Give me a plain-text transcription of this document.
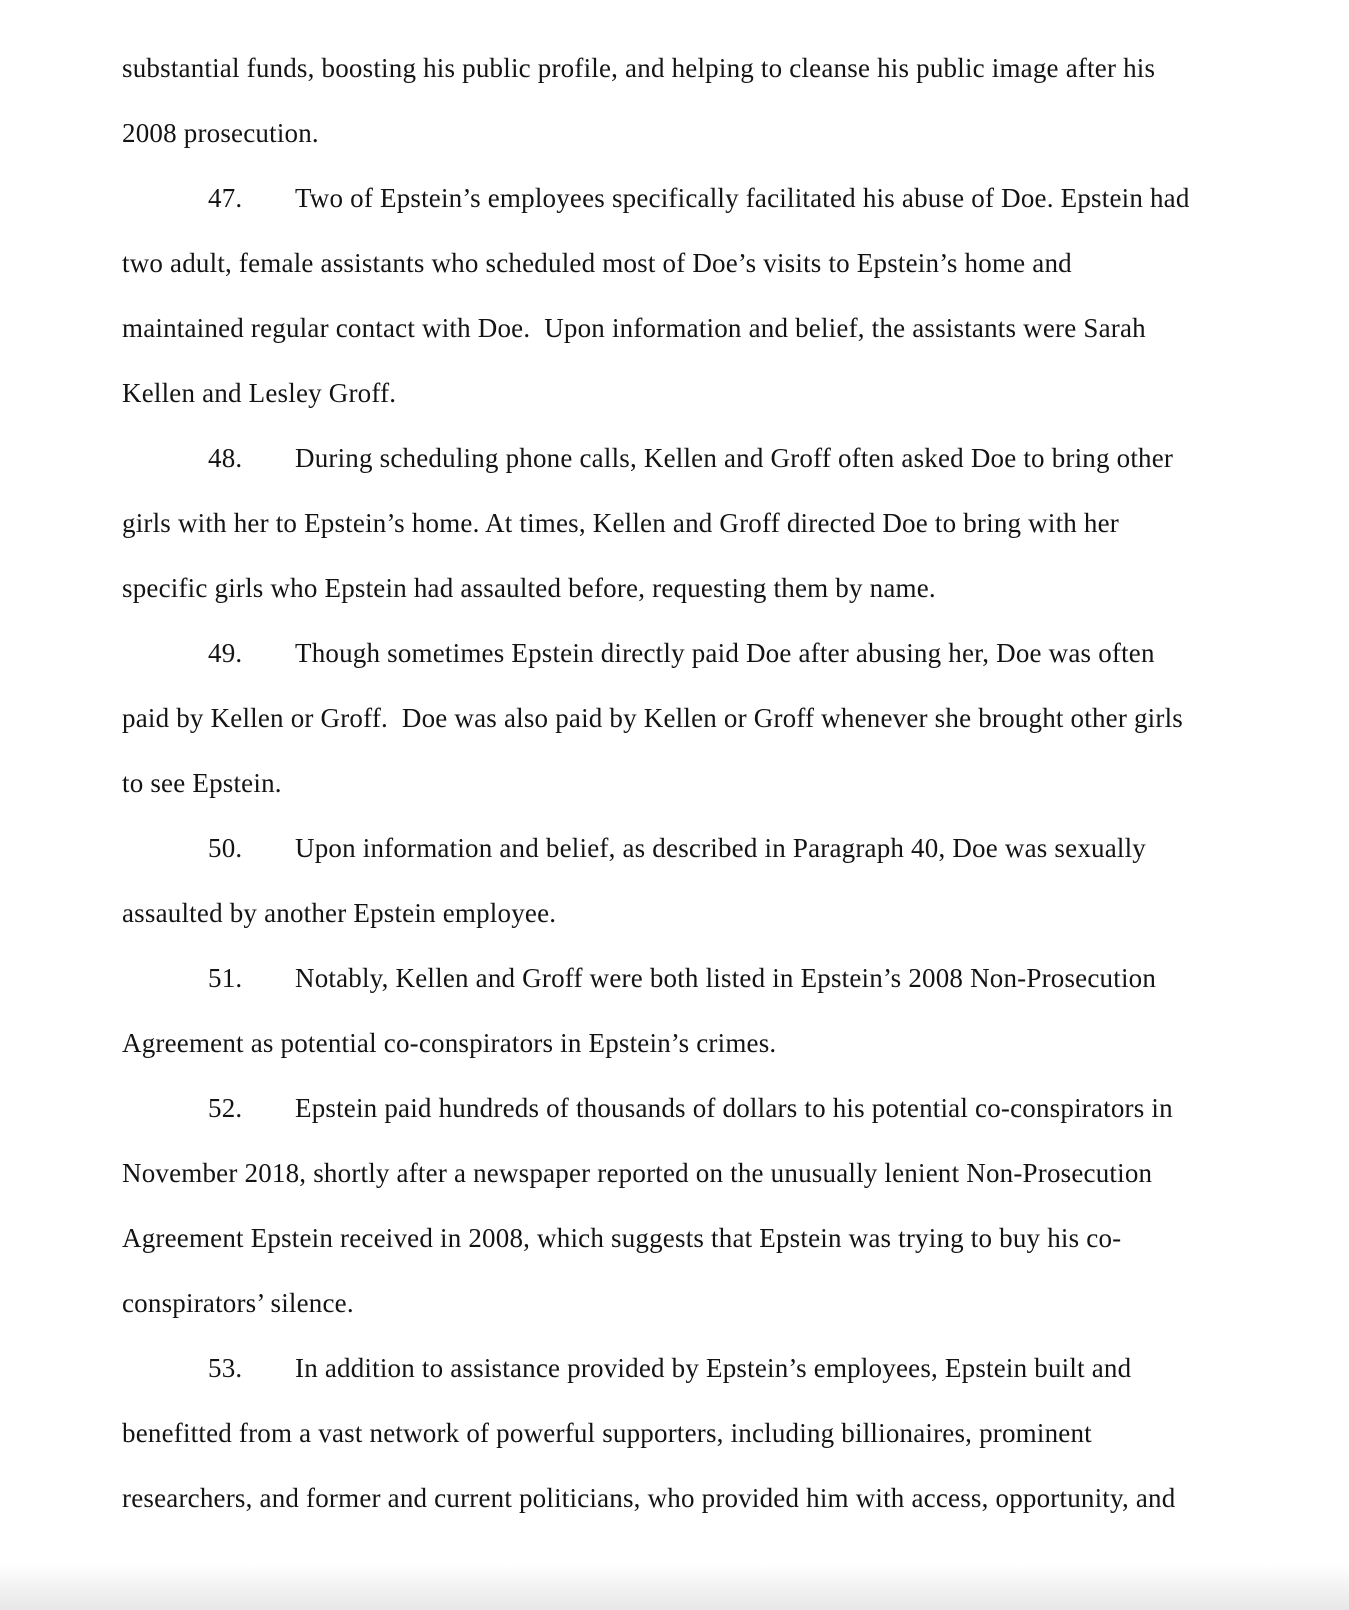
substantial funds, boosting his public profile, and helping to cleanse his public image after his
2008 prosecution.
47. Two of Epstein’s employees specifically facilitated his abuse of Doe. Epstein had
two adult, female assistants who scheduled most of Doe’s visits to Epstein’s home and
maintained regular contact with Doe.  Upon information and belief, the assistants were Sarah
Kellen and Lesley Groff.
48. During scheduling phone calls, Kellen and Groff often asked Doe to bring other
girls with her to Epstein’s home. At times, Kellen and Groff directed Doe to bring with her
specific girls who Epstein had assaulted before, requesting them by name.
49. Though sometimes Epstein directly paid Doe after abusing her, Doe was often
paid by Kellen or Groff.  Doe was also paid by Kellen or Groff whenever she brought other girls
to see Epstein.
50. Upon information and belief, as described in Paragraph 40, Doe was sexually
assaulted by another Epstein employee.
51. Notably, Kellen and Groff were both listed in Epstein’s 2008 Non-Prosecution
Agreement as potential co-conspirators in Epstein’s crimes.
52. Epstein paid hundreds of thousands of dollars to his potential co-conspirators in
November 2018, shortly after a newspaper reported on the unusually lenient Non-Prosecution
Agreement Epstein received in 2008, which suggests that Epstein was trying to buy his co-
conspirators’ silence.
53. In addition to assistance provided by Epstein’s employees, Epstein built and
benefitted from a vast network of powerful supporters, including billionaires, prominent
researchers, and former and current politicians, who provided him with access, opportunity, and
